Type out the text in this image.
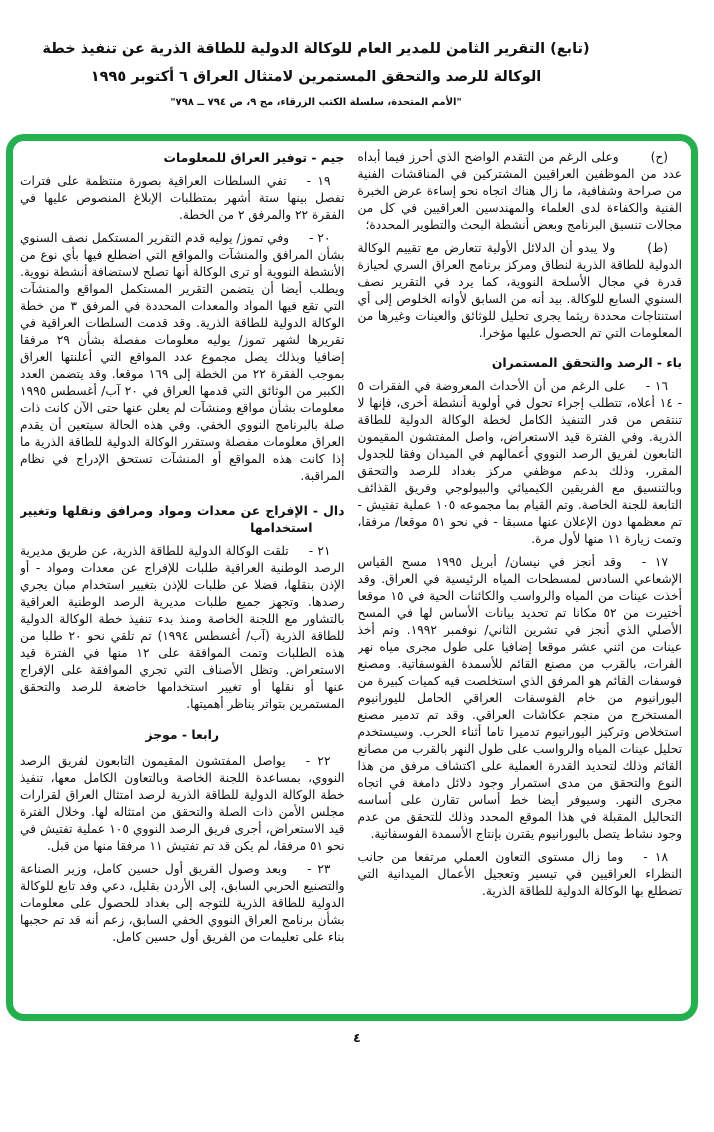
(تابع) التقرير الثامن للمدير العام للوكالة الدولية للطاقة الذرية عن تنفيذ خطة
الوكالة للرصد والتحقق المستمرين لامتثال العراق ٦ أكتوبر ١٩٩٥
"الأمم المتحدة، سلسلة الكتب الزرقاء، مج ٩، ص ٧٩٤ ــ ٧٩٨"

(ح)وعلى الرغم من التقدم الواضح الذي أحرز فيما أبداه عدد من الموظفين العراقيين المشتركين في المناقشات الفنية من صراحة وشفافية، ما زال هناك اتجاه نحو إساءة عرض الخبرة الفنية والكفاءة لدى العلماء والمهندسين العراقيين في كل من مجالات تنسيق البرنامج وبعض أنشطة البحث والتطوير المحددة؛

(ط)ولا يبدو أن الدلائل الأولية تتعارض مع تقييم الوكالة الدولية للطاقة الذرية لنطاق ومركز برنامج العراق السري لحيازة قدرة في مجال الأسلحة النووية، كما يرد في التقرير نصف السنوي السابع للوكالة. بيد أنه من السابق لأوانه الخلوص إلى أي استنتاجات محددة ريثما يجرى تحليل للوثائق والعينات وغيرها من المعلومات التي تم الحصول عليها مؤخرا.

باء - الرصد والتحقق المستمران

١٦ -على الرغم من أن الأحداث المعروضة في الفقرات ٥ - ١٤ أعلاه، تتطلب إجراء تحول في أولوية أنشطة أخرى، فإنها لا تنتقص من قدر التنفيذ الكامل لخطة الوكالة الدولية للطاقة الذرية. وفي الفترة قيد الاستعراض، واصل المفتشون المقيمون التابعون لفريق الرصد النووي أعمالهم في الميدان وفقا للجدول المقرر، وذلك بدعم موظفي مركز بغداد للرصد والتحقق وبالتنسيق مع الفريقين الكيميائي والبيولوجي وفريق القذائف التابعة للجنة الخاصة. وتم القيام بما مجموعه ١٠٥ عملية تفتيش - تم معظمها دون الإعلان عنها مسبقا - في نحو ٥١ موقعا/ مرفقا، وتمت زيارة ١١ منها لأول مرة.

١٧ -وقد أنجز في نيسان/ أبريل ١٩٩٥ مسح القياس الإشعاعي السادس لمسطحات المياه الرئيسية في العراق. وقد أخذت عينات من المياه والرواسب والكائنات الحية في ١٥ موقعا أختيرت من ٥٢ مكانا تم تحديد بيانات الأساس لها في المسح الأصلي الذي أنجز في تشرين الثاني/ نوفمبر ١٩٩٢. وتم أخذ عينات من اثني عشر موقعا إضافيا على طول مجرى مياه نهر الفرات، بالقرب من مصنع القائم للأسمدة الفوسفاتية. ومصنع فوسفات القائم هو المرفق الذي استخلصت فيه كميات كبيرة من اليورانيوم من خام الفوسفات العراقي الحامل لليورانيوم المستخرج من منجم عكاشات العراقي. وقد تم تدمير مصنع استخلاص وتركيز اليورانيوم تدميرا تاما أثناء الحرب. وسيستخدم تحليل عينات المياه والرواسب على طول النهر بالقرب من مصانع القائم وذلك لتحديد القدرة العملية على اكتشاف مرفق من هذا النوع والتحقق من مدى استمرار وجود دلائل دامغة في اتجاه مجرى النهر. وسيوفر أيضا خط أساس تقارن على أساسه التحاليل المقبلة في هذا الموقع المحدد وذلك للتحقق من عدم وجود نشاط يتصل باليورانيوم يقترن بإنتاج الأسمدة الفوسفاتية.

١٨ -وما زال مستوى التعاون العملي مرتفعا من جانب النظراء العراقيين في تيسير وتعجيل الأعمال الميدانية التي تضطلع بها الوكالة الدولية للطاقة الذرية.

جيم - توفير العراق للمعلومات

١٩ -تفي السلطات العراقية بصورة منتظمة على فترات تفصل بينها ستة أشهر بمتطلبات الإبلاغ المنصوص عليها في الفقرة ٢٢ والمرفق ٢ من الخطة.

٢٠ -وفي تموز/ يوليه قدم التقرير المستكمل نصف السنوي بشأن المرافق والمنشآت والمواقع التي اضطلع فيها بأي نوع من الأنشطة النووية أو ترى الوكالة أنها تصلح لاستضافة أنشطة نووية. ويطلب أيضا أن يتضمن التقرير المستكمل المواقع والمنشآت التي تقع فيها المواد والمعدات المحددة في المرفق ٣ من خطة الوكالة الدولية للطاقة الذرية. وقد قدمت السلطات العراقية في تقريرها لشهر تموز/ يوليه معلومات مفصلة بشأن ٢٩ مرفقا إضافيا وبذلك يصل مجموع عدد المواقع التي أعلنتها العراق بموجب الفقرة ٢٢ من الخطة إلى ١٦٩ موقعا. وقد يتضمن العدد الكبير من الوثائق التي قدمها العراق في ٢٠ آب/ أغسطس ١٩٩٥ معلومات بشأن مواقع ومنشآت لم يعلن عنها حتى الآن كانت ذات صلة بالبرنامج النووي الخفي. وفي هذه الحالة سيتعين أن يقدم العراق معلومات مفصلة وستقرر الوكالة الدولية للطاقة الذرية ما إذا كانت هذه المواقع أو المنشآت تستحق الإدراج في نظام المراقبة.

دال - الإفراج عن معدات ومواد ومرافق ونقلها وتغيير استخدامها

٢١ -تلقت الوكالة الدولية للطاقة الذرية، عن طريق مديرية الرصد الوطنية العراقية طلبات للإفراج عن معدات ومواد - أو الإذن بنقلها، فضلا عن طلبات للإذن بتغيير استخدام مبان يجري رصدها. وتجهز جميع طلبات مديرية الرصد الوطنية العراقية بالتشاور مع اللجنة الخاصة ومنذ بدء تنفيذ خطة الوكالة الدولية للطاقة الذرية (آب/ أغسطس ١٩٩٤) تم تلقي نحو ٢٠ طلبا من هذه الطلبات وتمت الموافقة على ١٢ منها في الفترة قيد الاستعراض. وتظل الأصناف التي تجري الموافقة على الإفراج عنها أو نقلها أو تغيير استخدامها خاضعة للرصد والتحقق المستمرين بتواتر يناظر أهميتها.

رابعا - موجز

٢٢ -يواصل المفتشون المقيمون التابعون لفريق الرصد النووي، بمساعدة اللجنة الخاصة وبالتعاون الكامل معها، تنفيذ خطة الوكالة الدولية للطاقة الذرية لرصد امتثال العراق لقرارات مجلس الأمن ذات الصلة والتحقق من امتثاله لها. وخلال الفترة قيد الاستعراض، أجرى فريق الرصد النووي ١٠٥ عملية تفتيش في نحو ٥١ مرفقا، لم يكن قد تم تفتيش ١١ مرفقا منها من قبل.

٢٣ -وبعد وصول الفريق أول حسين كامل، وزير الصناعة والتصنيع الحربي السابق، إلى الأردن بقليل، دعي وفد تابع للوكالة الدولية للطاقة الذرية للتوجه إلى بغداد للحصول على معلومات بشأن برنامج العراق النووي الخفي السابق، زعم أنه قد تم حجبها بناء على تعليمات من الفريق أول حسين كامل.

٤
